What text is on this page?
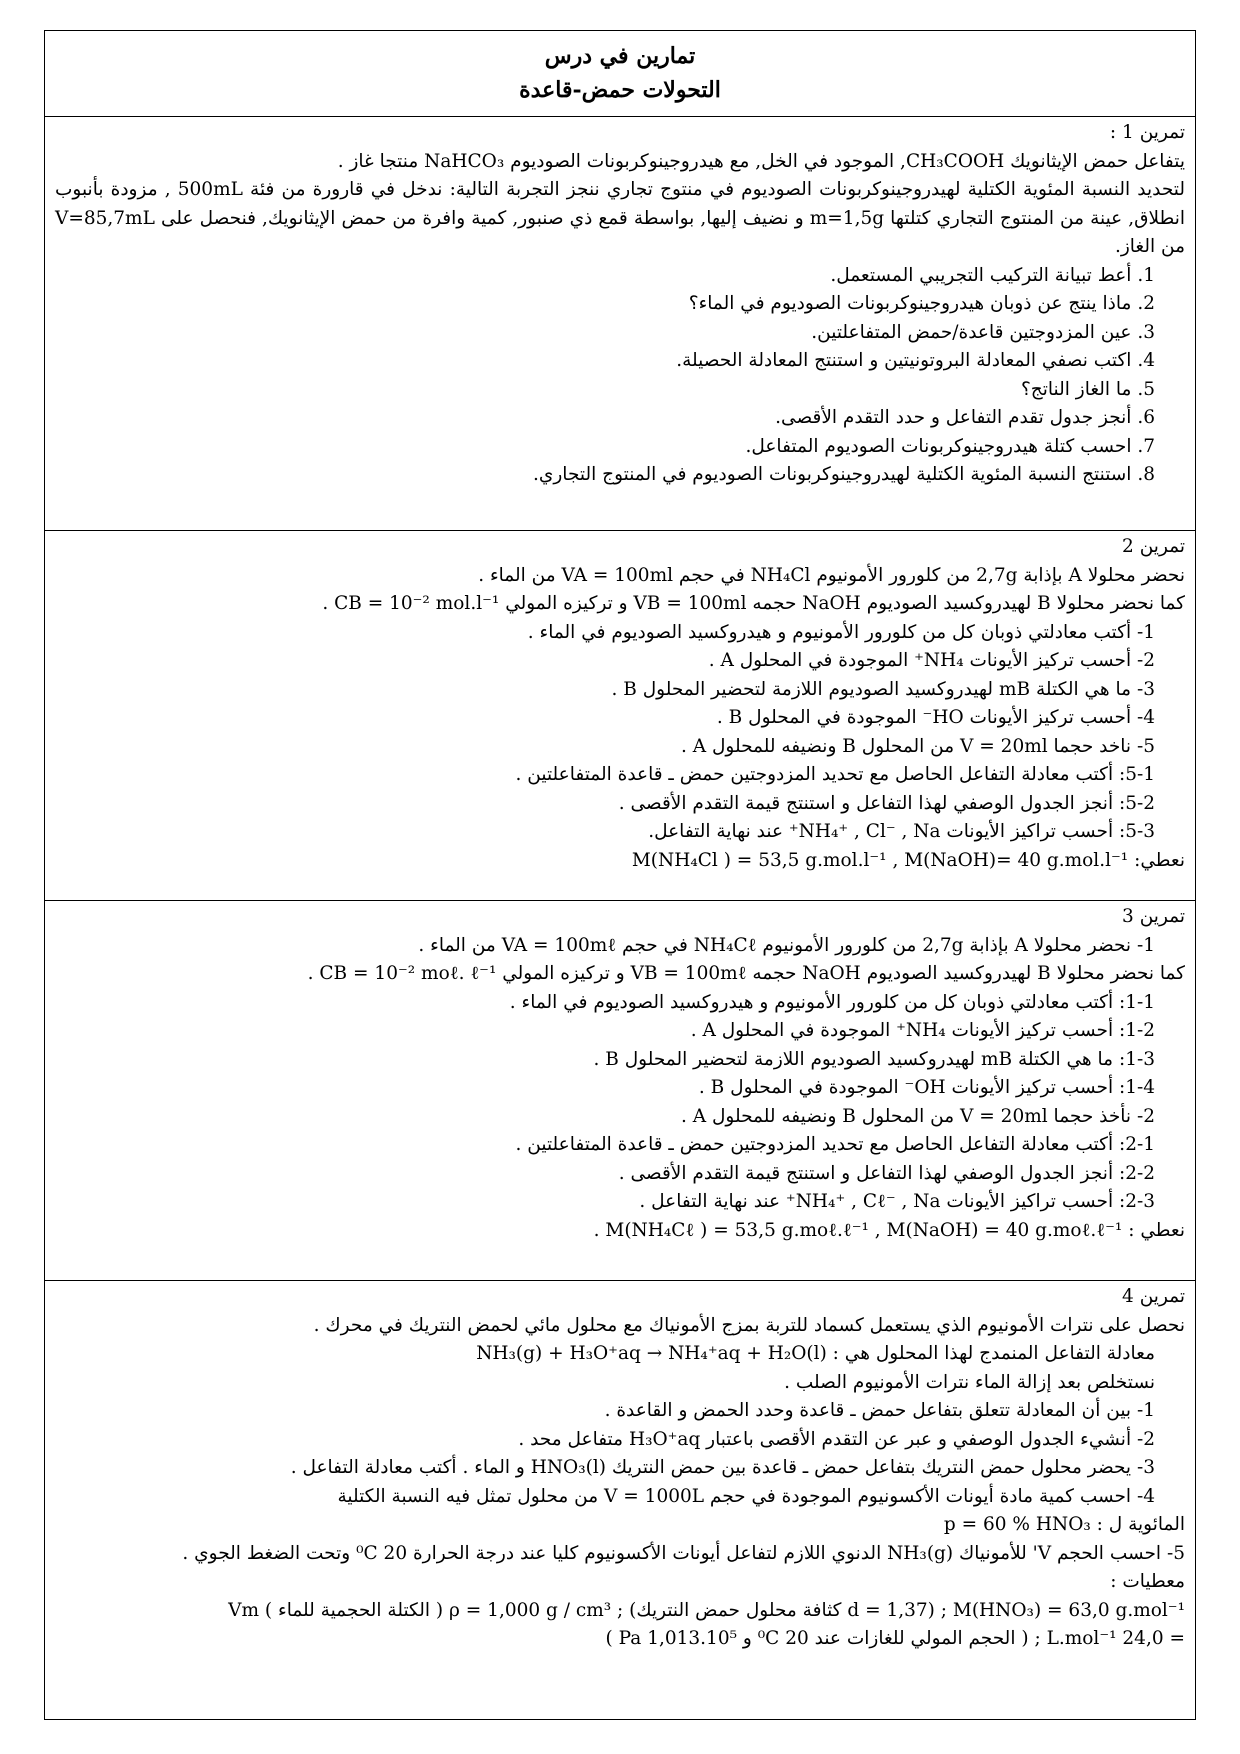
تمارين في درس
التحولات حمض-قاعدة
تمرين 1 :
يتفاعل حمض الإيثانويك CH₃COOH, الموجود في الخل, مع هيدروجينوكربونات الصوديوم NaHCO₃ منتجا غاز .
لتحديد النسبة المئوية الكتلية لهيدروجينوكربونات الصوديوم في منتوج تجاري ننجز التجربة التالية: ندخل في قارورة من فئة 500mL , مزودة بأنبوب انطلاق, عينة من المنتوج التجاري كتلتها m=1,5g و نضيف إليها, بواسطة قمع ذي صنبور, كمية وافرة من حمض الإيثانويك, فنحصل على V=85,7mL من الغاز.
1. أعط تبيانة التركيب التجريبي المستعمل.
2. ماذا ينتج عن ذوبان هيدروجينوكربونات الصوديوم في الماء؟
3. عين المزدوجتين قاعدة/حمض المتفاعلتين.
4. اكتب نصفي المعادلة البروتونيتين و استنتج المعادلة الحصيلة.
5. ما الغاز الناتج؟
6. أنجز جدول تقدم التفاعل و حدد التقدم الأقصى.
7. احسب كتلة هيدروجينوكربونات الصوديوم المتفاعل.
8. استنتج النسبة المئوية الكتلية لهيدروجينوكربونات الصوديوم في المنتوج التجاري.
تمرين 2
نحضر محلولا A بإذابة 2,7g من كلورور الأمونيوم NH₄Cl في حجم VA = 100ml من الماء .
كما نحضر محلولا B لهيدروكسيد الصوديوم NaOH حجمه VB = 100ml و تركيزه المولي CB = 10⁻² mol.l⁻¹ .
1- أكتب معادلتي ذوبان كل من كلورور الأمونيوم و هيدروكسيد الصوديوم في الماء .
2- أحسب تركيز الأيونات NH₄⁺ الموجودة في المحلول A .
3- ما هي الكتلة mB لهيدروكسيد الصوديوم اللازمة لتحضير المحلول B .
4- أحسب تركيز الأيونات HO⁻ الموجودة في المحلول B .
5- ناخد حجما V = 20ml من المحلول B ونضيفه للمحلول A .
5-1: أكتب معادلة التفاعل الحاصل مع تحديد المزدوجتين حمض ـ قاعدة المتفاعلتين .
5-2: أنجز الجدول الوصفي لهذا التفاعل و استنتج قيمة التقدم الأقصى .
5-3: أحسب تراكيز الأيونات NH₄⁺ , Cl⁻ , Na⁺ عند نهاية التفاعل.
نعطي: M(NH₄Cl ) = 53,5 g.mol.l⁻¹ , M(NaOH)= 40 g.mol.l⁻¹
تمرين 3
1- نحضر محلولا A بإذابة 2,7g من كلورور الأمونيوم NH₄Cℓ في حجم VA = 100mℓ من الماء .
كما نحضر محلولا B لهيدروكسيد الصوديوم NaOH حجمه VB = 100mℓ و تركيزه المولي CB = 10⁻² moℓ. ℓ⁻¹ .
1-1: أكتب معادلتي ذوبان كل من كلورور الأمونيوم و هيدروكسيد الصوديوم في الماء .
1-2: أحسب تركيز الأيونات NH₄⁺ الموجودة في المحلول A .
1-3: ما هي الكتلة mB لهيدروكسيد الصوديوم اللازمة لتحضير المحلول B .
1-4: أحسب تركيز الأيونات OH⁻ الموجودة في المحلول B .
2- نأخذ حجما V = 20ml من المحلول B ونضيفه للمحلول A .
2-1: أكتب معادلة التفاعل الحاصل مع تحديد المزدوجتين حمض ـ قاعدة المتفاعلتين .
2-2: أنجز الجدول الوصفي لهذا التفاعل و استنتج قيمة التقدم الأقصى .
2-3: أحسب تراكيز الأيونات NH₄⁺ , Cℓ⁻ , Na⁺ عند نهاية التفاعل .
نعطي : M(NH₄Cℓ ) = 53,5 g.moℓ.ℓ⁻¹ , M(NaOH) = 40 g.moℓ.ℓ⁻¹ .
تمرين 4
نحصل على نترات الأمونيوم الذي يستعمل كسماد للتربة بمزج الأمونياك مع محلول مائي لحمض النتريك في محرك .
معادلة التفاعل المنمدج لهذا المحلول هي : NH₃(g) + H₃O⁺aq → NH₄⁺aq + H₂O(l)
نستخلص بعد إزالة الماء نترات الأمونيوم الصلب .
1- بين أن المعادلة تتعلق بتفاعل حمض ـ قاعدة وحدد الحمض و القاعدة .
2- أنشيء الجدول الوصفي و عبر عن التقدم الأقصى باعتبار H₃O⁺aq متفاعل محد .
3- يحضر محلول حمض النتريك بتفاعل حمض ـ قاعدة بين حمض النتريك HNO₃(l) و الماء . أكتب معادلة التفاعل .
4- احسب كمية مادة أيونات الأكسونيوم الموجودة في حجم V = 1000L من محلول تمثل فيه النسبة الكتلية
المائوية ل : p = 60 % HNO₃
5- احسب الحجم V' للأمونياك NH₃(g) الدنوي اللازم لتفاعل أيونات الأكسونيوم كليا عند درجة الحرارة 20 ⁰C وتحت الضغط الجوي .
معطيات :
M(HNO₃) = 63,0 g.mol⁻¹ ; (d = 1,37 كثافة محلول حمض النتريك) ; ρ = 1,000 g / cm³ ( الكتلة الحجمية للماء ) Vm
= 24,0 L.mol⁻¹ ; ( الحجم المولي للغازات عند 20 ⁰C و 1,013.10⁵ Pa )
